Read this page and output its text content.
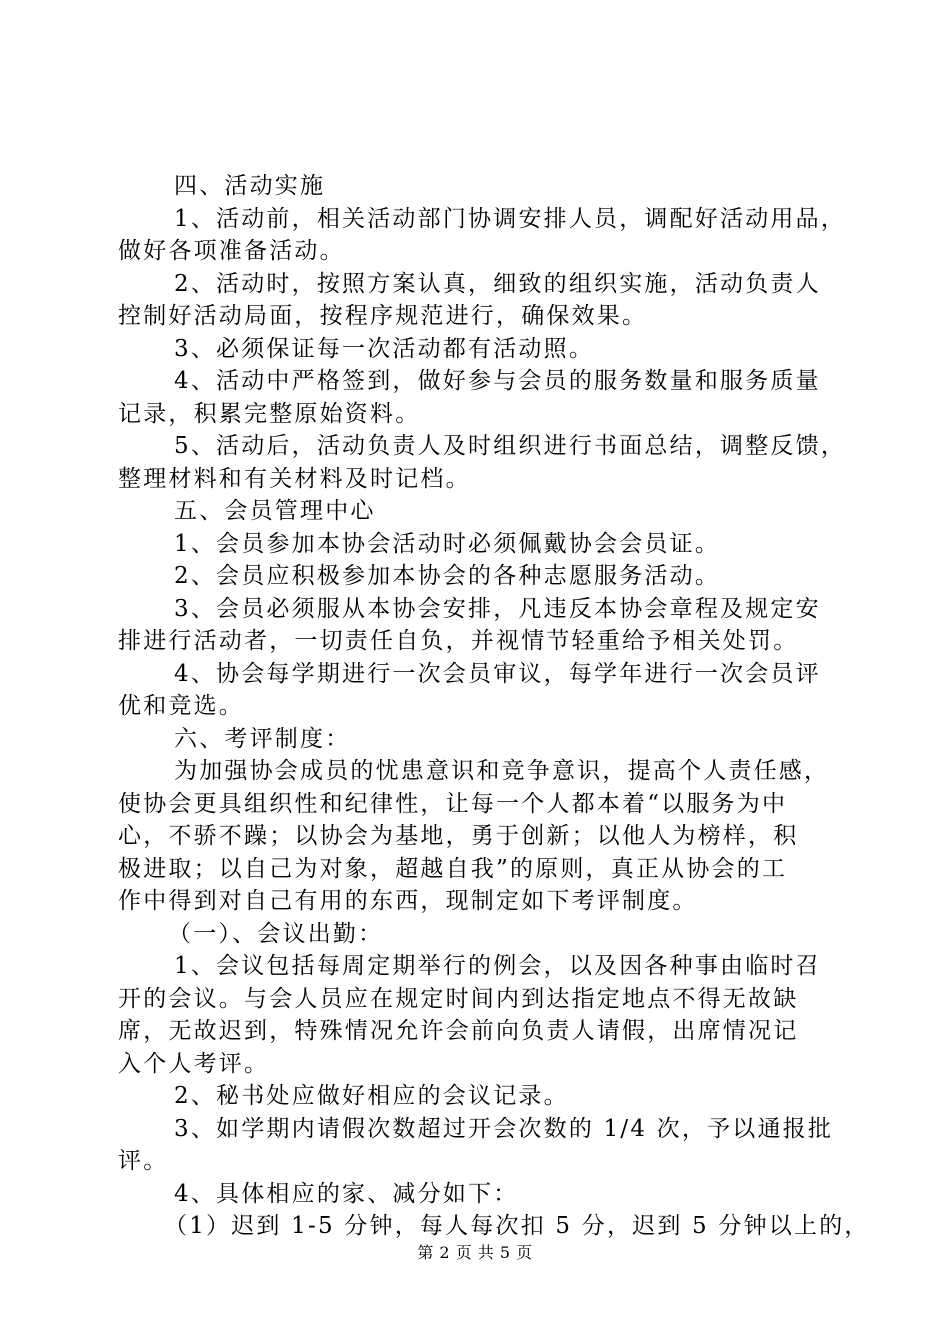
四、活动实施
1、活动前，相关活动部门协调安排人员，调配好活动用品，
做好各项准备活动。
2、活动时，按照方案认真，细致的组织实施，活动负责人
控制好活动局面，按程序规范进行，确保效果。
3、必须保证每一次活动都有活动照。
4、活动中严格签到，做好参与会员的服务数量和服务质量
记录，积累完整原始资料。
5、活动后，活动负责人及时组织进行书面总结，调整反馈，
整理材料和有关材料及时记档。
五、会员管理中心
1、会员参加本协会活动时必须佩戴协会会员证。
2、会员应积极参加本协会的各种志愿服务活动。
3、会员必须服从本协会安排，凡违反本协会章程及规定安
排进行活动者，一切责任自负，并视情节轻重给予相关处罚。
4、协会每学期进行一次会员审议，每学年进行一次会员评
优和竞选。
六、考评制度：
为加强协会成员的忧患意识和竞争意识，提高个人责任感，
使协会更具组织性和纪律性，让每一个人都本着“以服务为中
心，不骄不躁；以协会为基地，勇于创新；以他人为榜样，积
极进取；以自己为对象，超越自我”的原则，真正从协会的工
作中得到对自己有用的东西，现制定如下考评制度。
（一）、会议出勤：
1、会议包括每周定期举行的例会，以及因各种事由临时召
开的会议。与会人员应在规定时间内到达指定地点不得无故缺
席，无故迟到，特殊情况允许会前向负责人请假，出席情况记
入个人考评。
2、秘书处应做好相应的会议记录。
3、如学期内请假次数超过开会次数的 1/4 次，予以通报批
评。
4、具体相应的家、减分如下：
（1）迟到 1-5 分钟，每人每次扣 5 分，迟到 5 分钟以上的，
第 2 页 共 5 页
